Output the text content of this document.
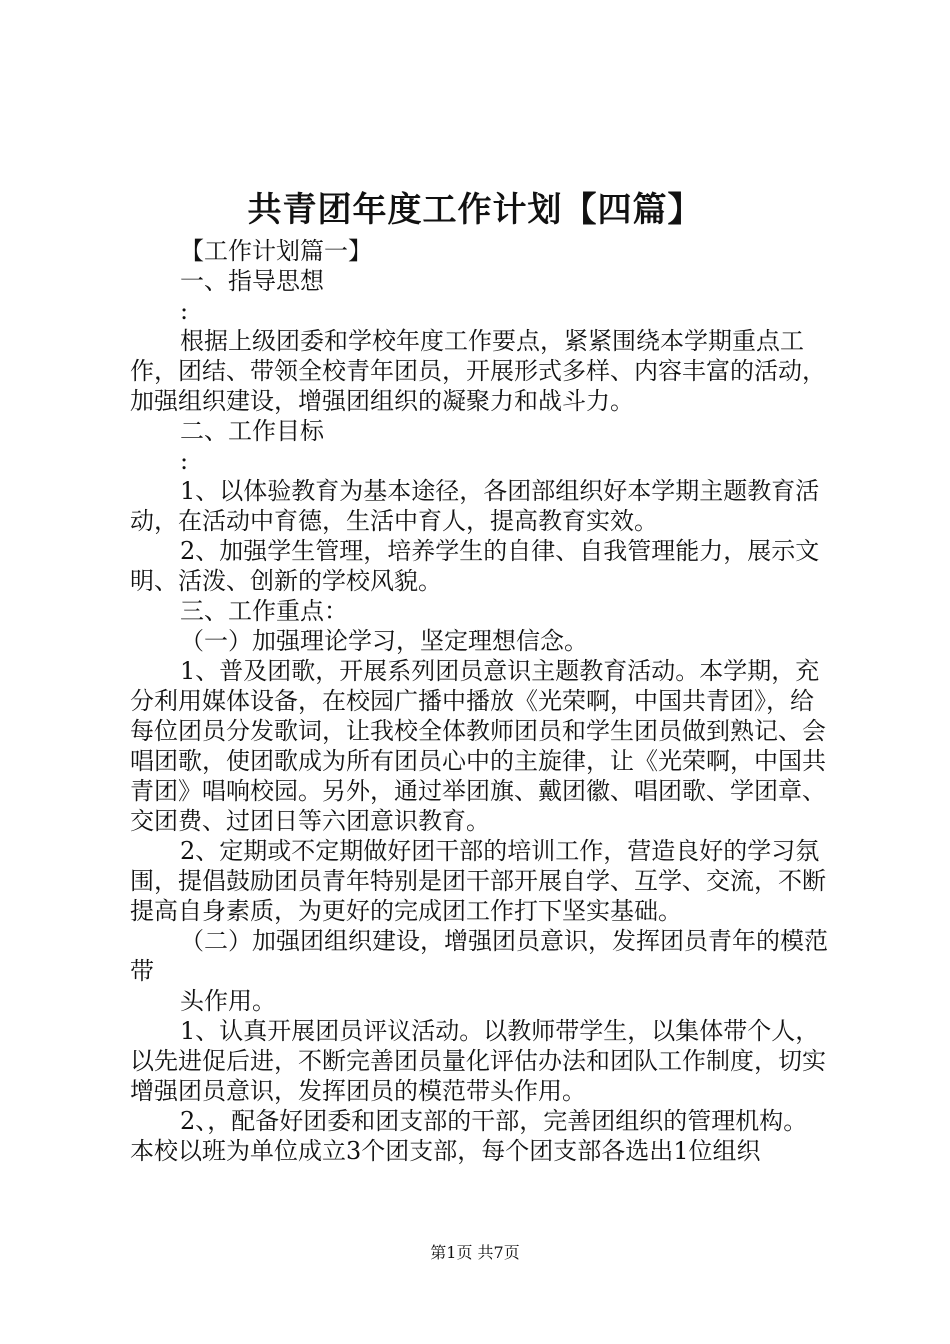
共青团年度工作计划【四篇】

【工作计划篇一】

一、指导思想

:

根据上级团委和学校年度工作要点，紧紧围绕本学期重点工作，团结、带领全校青年团员，开展形式多样、内容丰富的活动，加强组织建设，增强团组织的凝聚力和战斗力。

二、工作目标

:

1、以体验教育为基本途径，各团部组织好本学期主题教育活动，在活动中育德，生活中育人，提高教育实效。

2、加强学生管理，培养学生的自律、自我管理能力，展示文明、活泼、创新的学校风貌。

三、工作重点：

（一）加强理论学习，坚定理想信念。

1、普及团歌，开展系列团员意识主题教育活动。本学期，充分利用媒体设备，在校园广播中播放《光荣啊，中国共青团》，给每位团员分发歌词，让我校全体教师团员和学生团员做到熟记、会唱团歌，使团歌成为所有团员心中的主旋律，让《光荣啊，中国共青团》唱响校园。另外，通过举团旗、戴团徽、唱团歌、学团章、交团费、过团日等六团意识教育。

2、定期或不定期做好团干部的培训工作，营造良好的学习氛围，提倡鼓励团员青年特别是团干部开展自学、互学、交流，不断提高自身素质，为更好的完成团工作打下坚实基础。

（二）加强团组织建设，增强团员意识，发挥团员青年的模范带

头作用。

1、认真开展团员评议活动。以教师带学生，以集体带个人，以先进促后进，不断完善团员量化评估办法和团队工作制度，切实增强团员意识，发挥团员的模范带头作用。

2、，配备好团委和团支部的干部，完善团组织的管理机构。本校以班为单位成立3个团支部，每个团支部各选出1位组织

第1页 共7页
